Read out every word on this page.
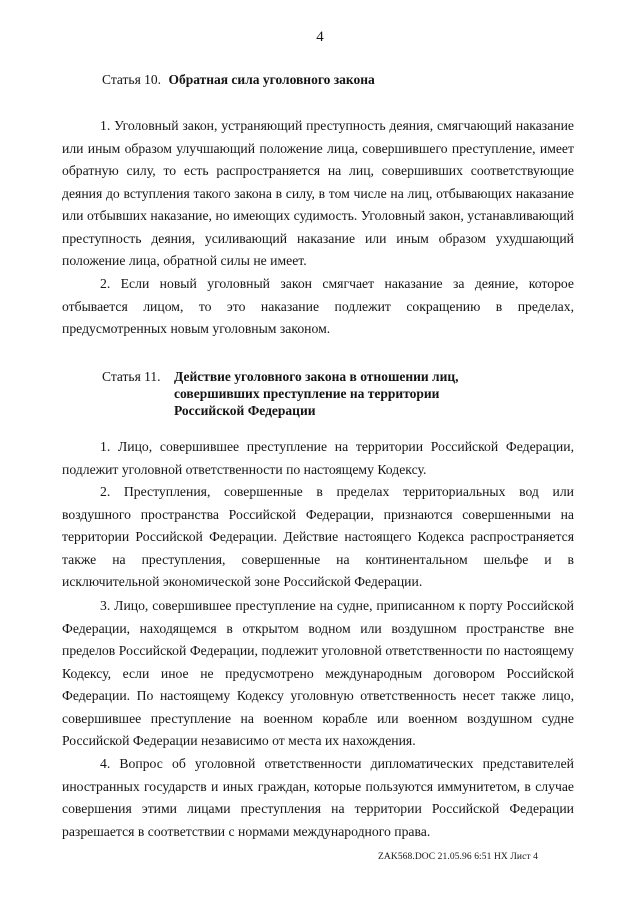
4
Статья 10. Обратная сила уголовного закона

1. Уголовный закон, устраняющий преступность деяния, смягчающий наказание или иным образом улучшающий положение лица, совершившего преступление, имеет обратную силу, то есть распространяется на лиц, совершивших соответствующие деяния до вступления такого закона в силу, в том числе на лиц, отбывающих наказание или отбывших наказание, но имеющих судимость. Уголовный закон, устанавливающий преступность деяния, усиливающий наказание или иным образом ухудшающий положение лица, обратной силы не имеет.

2. Если новый уголовный закон смягчает наказание за деяние, которое отбывается лицом, то это наказание подлежит сокращению в пределах, предусмотренных новым уголовным законом.

Статья 11. Действие уголовного закона в отношении лиц,
совершивших преступление на территории
Российской Федерации

1. Лицо, совершившее преступление на территории Российской Федерации, подлежит уголовной ответственности по настоящему Кодексу.

2. Преступления, совершенные в пределах территориальных вод или воздушного пространства Российской Федерации, признаются совершенными на территории Российской Федерации. Действие настоящего Кодекса распространяется также на преступления, совершенные на континентальном шельфе и в исключительной экономической зоне Российской Федерации.

3. Лицо, совершившее преступление на судне, приписанном к порту Российской Федерации, находящемся в открытом водном или воздушном пространстве вне пределов Российской Федерации, подлежит уголовной ответственности по настоящему Кодексу, если иное не предусмотрено международным договором Российской Федерации. По настоящему Кодексу уголовную ответственность несет также лицо, совершившее преступление на военном корабле или военном воздушном судне Российской Федерации независимо от места их нахождения.

4. Вопрос об уголовной ответственности дипломатических представителей иностранных государств и иных граждан, которые пользуются иммунитетом, в случае совершения этими лицами преступления на территории Российской Федерации разрешается в соответствии с нормами международного права.

ZAK568.DOC 21.05.96 6:51 НХ Лист 4
